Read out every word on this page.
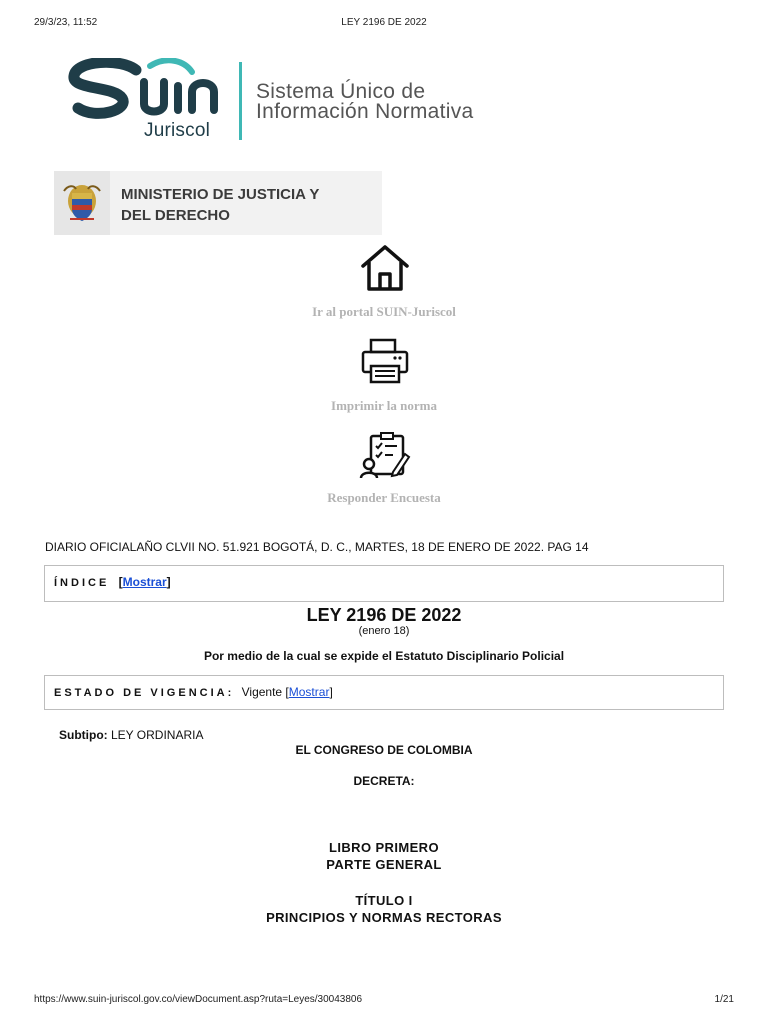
29/3/23, 11:52	LEY 2196 DE 2022
Juriscol
Sistema Único de
Información Normativa
MINISTERIO DE JUSTICIA Y
DEL DERECHO
Ir al portal SUIN-Juriscol
Imprimir la norma
Responder Encuesta
DIARIO OFICIALAÑO CLVII NO. 51.921 BOGOTÁ, D. C., MARTES, 18 DE ENERO DE 2022. PAG 14
ÍNDICE [Mostrar]
LEY 2196 DE 2022
(enero 18)
Por medio de la cual se expide el Estatuto Disciplinario Policial
ESTADO DE VIGENCIA: Vigente [Mostrar]
Subtipo: LEY ORDINARIA
EL CONGRESO DE COLOMBIA
DECRETA:
LIBRO PRIMERO
PARTE GENERAL
TÍTULO I
PRINCIPIOS Y NORMAS RECTORAS
https://www.suin-juriscol.gov.co/viewDocument.asp?ruta=Leyes/30043806	1/21
